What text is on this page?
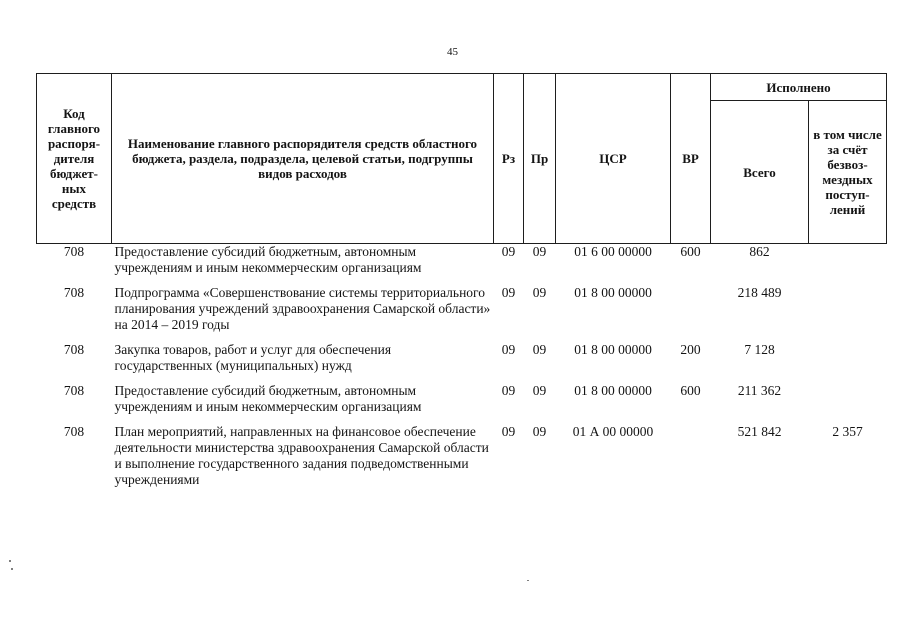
45
Код главного распоря-дителя бюджет-ных средств	Наименование главного распорядителя средств областного бюджета, раздела, подраздела, целевой статьи, подгруппы видов расходов	Рз	Пр	ЦСР	ВР	Исполнено	
						Всего	в том числе за счёт безвоз-мездных поступ-лений
708	Предоставление субсидий бюджетным, автономным учреждениям и иным некоммерческим организациям	09	09	01 6 00 00000	600	862	
708	Подпрограмма «Совершенствование системы территориального планирования учреждений здравоохранения Самарской области» на 2014 – 2019 годы	09	09	01 8 00 00000		218 489	
708	Закупка товаров, работ и услуг для обеспечения государственных (муниципальных) нужд	09	09	01 8 00 00000	200	7 128	
708	Предоставление субсидий бюджетным, автономным учреждениям и иным некоммерческим организациям	09	09	01 8 00 00000	600	211 362	
708	План мероприятий, направленных на финансовое обеспечение деятельности министерства здравоохранения Самарской области и выполнение государственного задания подведомственными учреждениями	09	09	01 А 00 00000		521 842	2 357
